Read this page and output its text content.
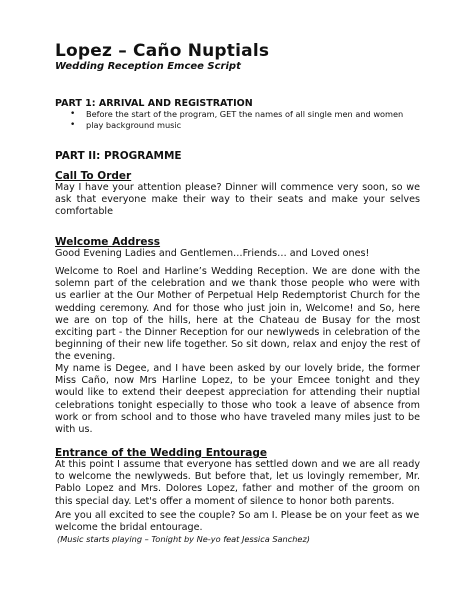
Lopez – Caño Nuptials
Wedding Reception Emcee Script
PART 1: ARRIVAL AND REGISTRATION
• Before the start of the program, GET the names of all single men and women
• play background music
PART II: PROGRAMME
Call To Order

May I have your attention please? Dinner will commence very soon, so we ask that everyone make their way to their seats and make your selves comfortable

Welcome Address

Good Evening Ladies and Gentlemen…Friends… and Loved ones!

Welcome to Roel and Harline’s Wedding Reception. We are done with the solemn part of the celebration and we thank those people who were with us earlier at the Our Mother of Perpetual Help Redemptorist Church for the wedding ceremony. And for those who just join in, Welcome! and So, here we are on top of the hills, here at the Chateau de Busay for the most exciting part - the Dinner Reception for our newlyweds in celebration of the beginning of their new life together. So sit down, relax and enjoy the rest of the evening.

My name is Degee, and I have been asked by our lovely bride, the former Miss Caño, now Mrs Harline Lopez, to be your Emcee tonight and they would like to extend their deepest appreciation for attending their nuptial celebrations tonight especially to those who took a leave of absence from work or from school and to those who have traveled many miles just to be with us.

Entrance of the Wedding Entourage

At this point I assume that everyone has settled down and we are all ready to welcome the newlyweds. But before that, let us lovingly remember, Mr. Pablo Lopez and Mrs. Dolores Lopez, father and mother of the groom on this special day. Let's offer a moment of silence to honor both parents.

Are you all excited to see the couple? So am I. Please be on your feet as we welcome the bridal entourage.

(Music starts playing – Tonight by Ne-yo feat Jessica Sanchez)
